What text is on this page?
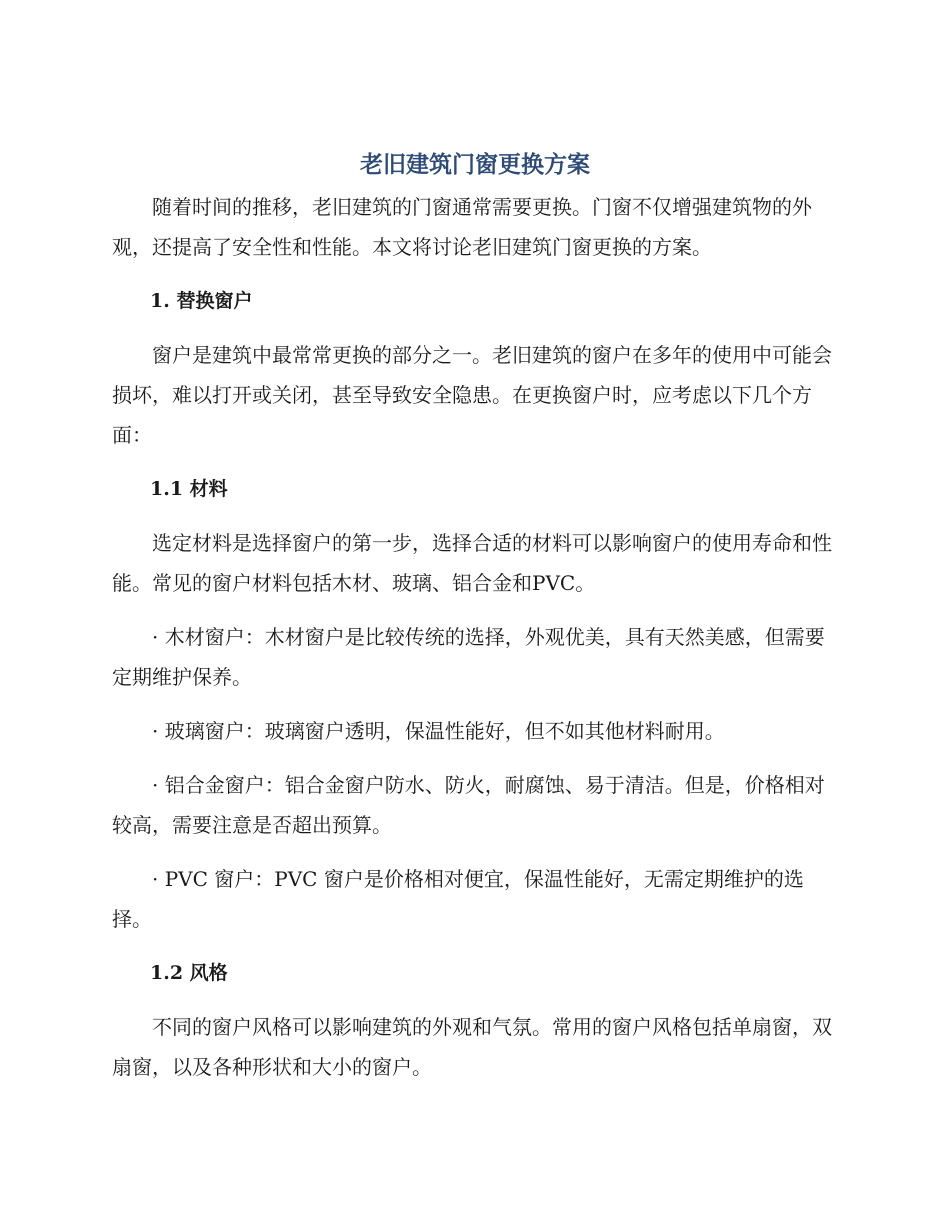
老旧建筑门窗更换方案

随着时间的推移，老旧建筑的门窗通常需要更换。门窗不仅增强建筑物的外观，还提高了安全性和性能。本文将讨论老旧建筑门窗更换的方案。

1. 替换窗户

窗户是建筑中最常常更换的部分之一。老旧建筑的窗户在多年的使用中可能会损坏，难以打开或关闭，甚至导致安全隐患。在更换窗户时，应考虑以下几个方面：

1.1 材料

选定材料是选择窗户的第一步，选择合适的材料可以影响窗户的使用寿命和性能。常见的窗户材料包括木材、玻璃、铝合金和PVC。

· 木材窗户：木材窗户是比较传统的选择，外观优美，具有天然美感，但需要定期维护保养。

· 玻璃窗户：玻璃窗户透明，保温性能好，但不如其他材料耐用。

· 铝合金窗户：铝合金窗户防水、防火，耐腐蚀、易于清洁。但是，价格相对较高，需要注意是否超出预算。

· PVC 窗户：PVC 窗户是价格相对便宜，保温性能好，无需定期维护的选择。

1.2 风格

不同的窗户风格可以影响建筑的外观和气氛。常用的窗户风格包括单扇窗，双扇窗，以及各种形状和大小的窗户。
